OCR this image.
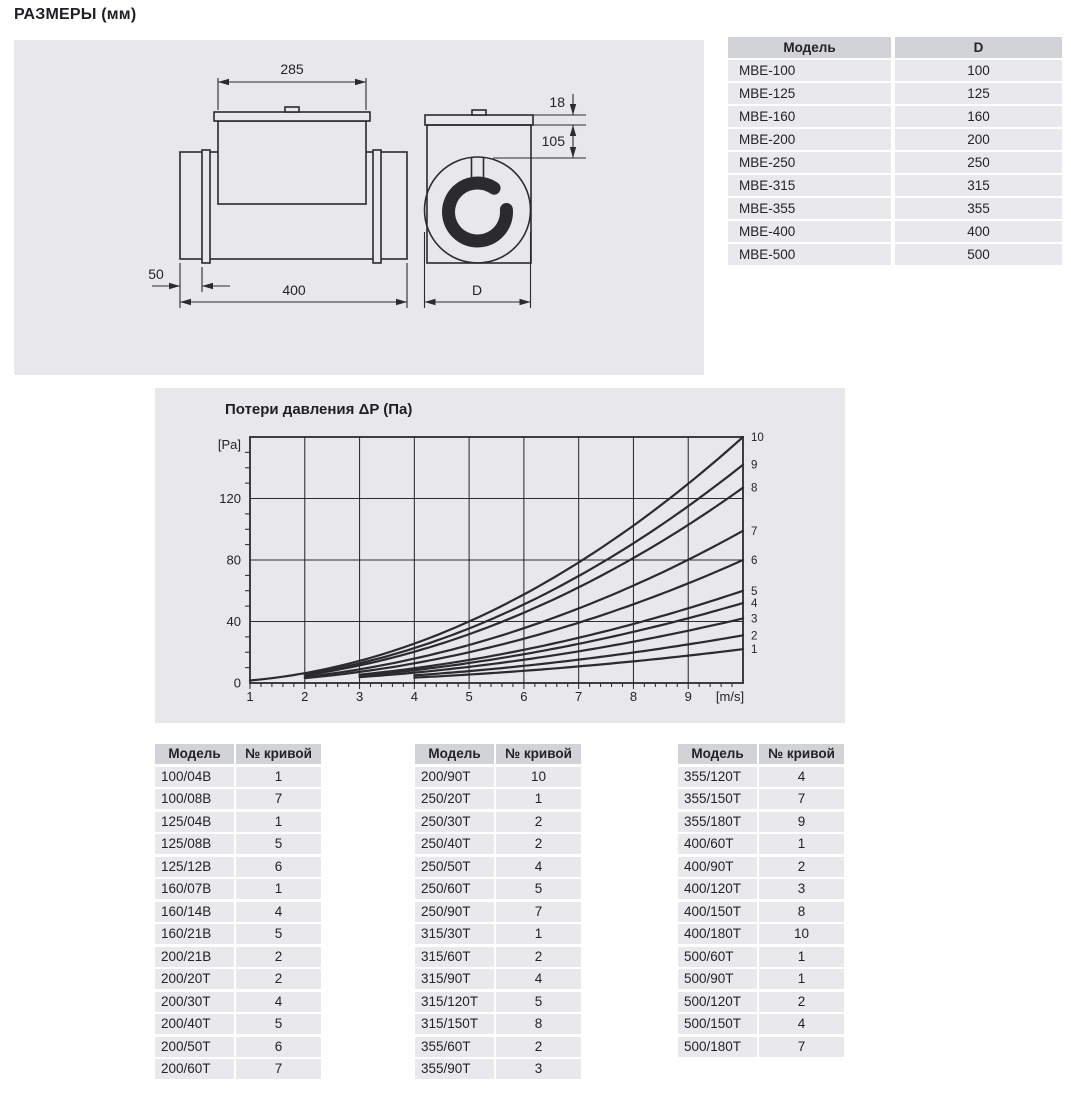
РАЗМЕРЫ (мм)
285
50
400
18
105
D
Модель	D
MBE-100	100
MBE-125	125
MBE-160	160
MBE-200	200
MBE-250	250
MBE-315	315
MBE-355	355
MBE-400	400
MBE-500	500
Потери давления ΔP (Па)
0
40
80
120
1	2	3	4	5	6	7	8	9 [m/s]
[Pa]
1
2
3
4
5
6
7
8
9
10
Модель	№ кривой
100/04B	1
100/08B	7
125/04B	1
125/08B	5
125/12B	6
160/07B	1
160/14B	4
160/21B	5
200/21B	2
200/20T	2
200/30T	4
200/40T	5
200/50T	6
200/60T	7
Модель	№ кривой
200/90T	10
250/20T	1
250/30T	2
250/40T	2
250/50T	4
250/60T	5
250/90T	7
315/30T	1
315/60T	2
315/90T	4
315/120T	5
315/150T	8
355/60T	2
355/90T	3
Модель	№ кривой
355/120T	4
355/150T	7
355/180T	9
400/60T	1
400/90T	2
400/120T	3
400/150T	8
400/180T	10
500/60T	1
500/90T	1
500/120T	2
500/150T	4
500/180T	7
